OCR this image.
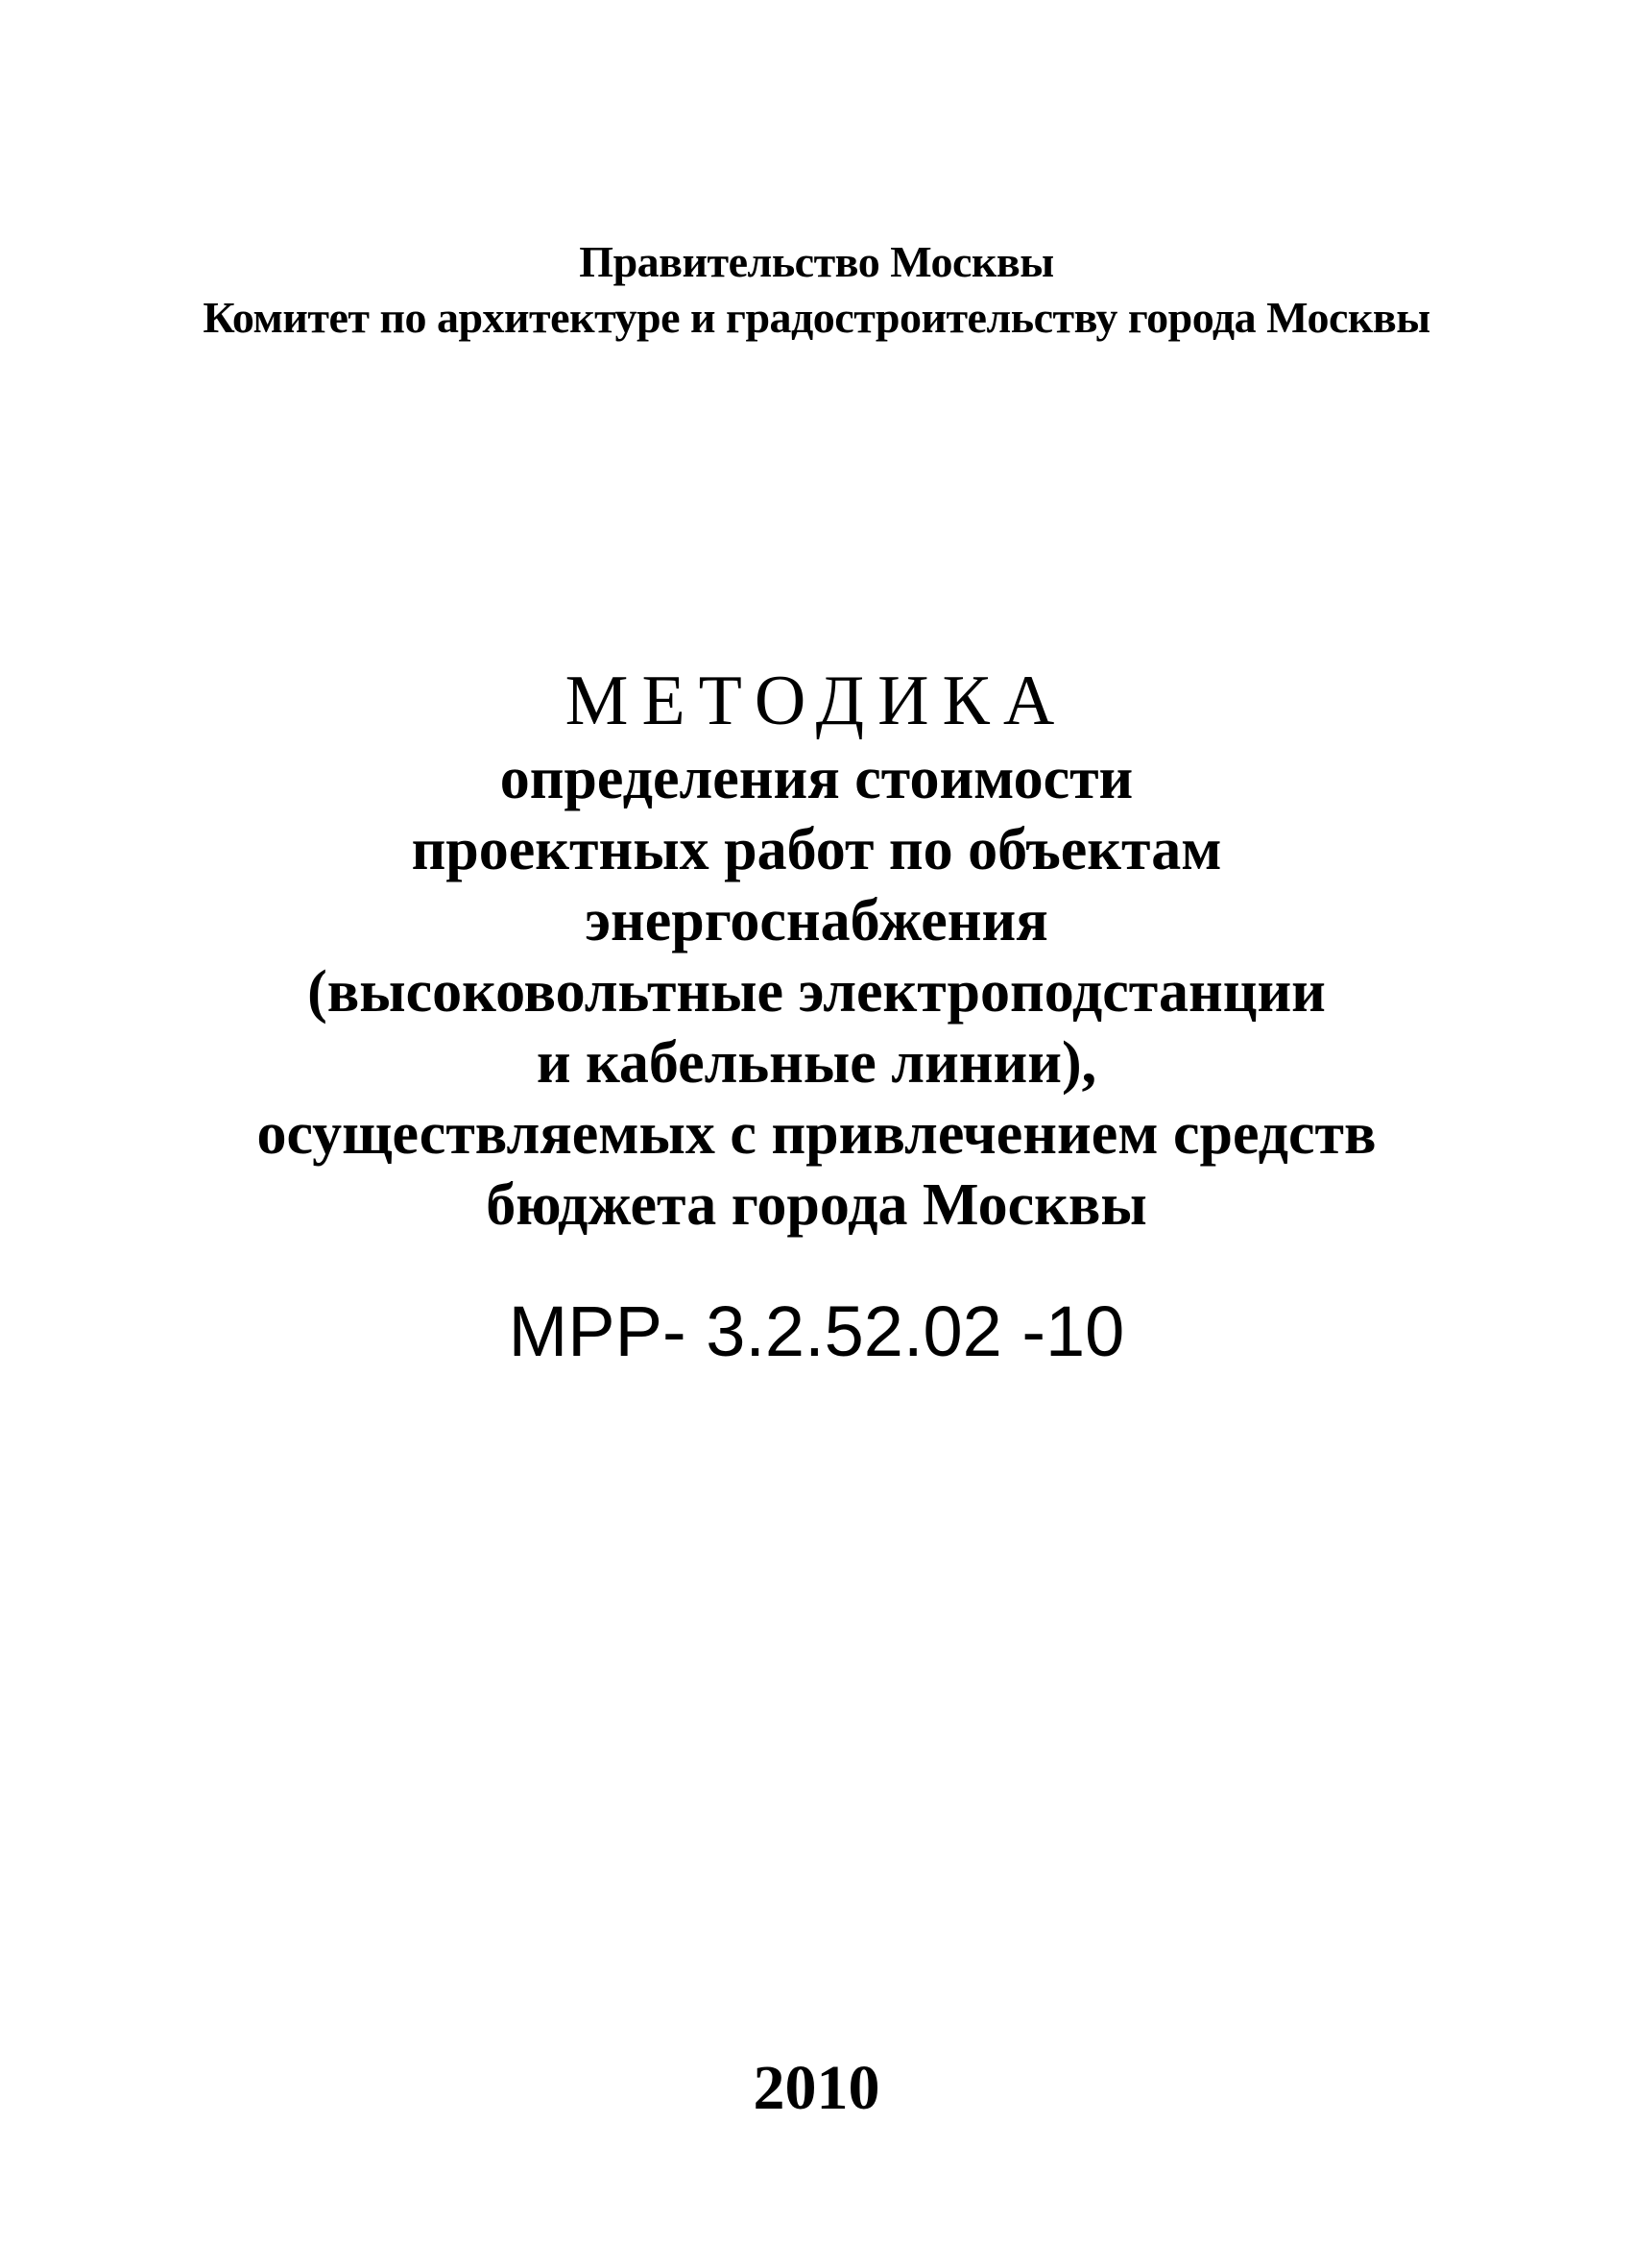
Правительство Москвы
Комитет по архитектуре и градостроительству города Москвы
МЕТОДИКА
определения стоимости
проектных работ по объектам
энергоснабжения
(высоковольтные электроподстанции
и кабельные линии),
осуществляемых с привлечением средств
бюджета города Москвы
МРР- 3.2.52.02 -10
2010
